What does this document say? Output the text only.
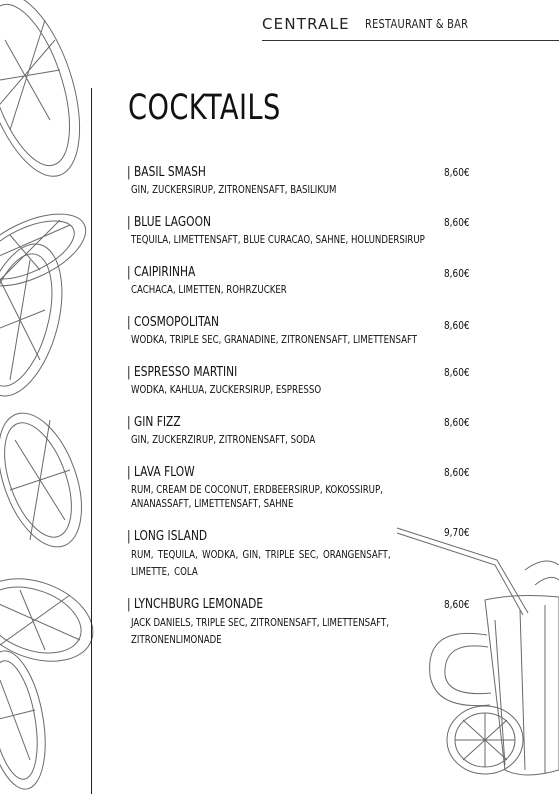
CENTRALE RESTAURANT & BAR
COCKTAILS
| BASIL SMASH
GIN, ZUCKERSIRUP, ZITRONENSAFT, BASILIKUM
8,60€
| BLUE LAGOON
TEQUILA, LIMETTENSAFT, BLUE CURACAO, SAHNE, HOLUNDERSIRUP
8,60€
| CAIPIRINHA
CACHACA, LIMETTEN, ROHRZUCKER
8,60€
| COSMOPOLITAN
WODKA, TRIPLE SEC, GRANADINE, ZITRONENSAFT, LIMETTENSAFT
8,60€
| ESPRESSO MARTINI
WODKA, KAHLUA, ZUCKERSIRUP, ESPRESSO
8,60€
| GIN FIZZ
GIN, ZUCKERZIRUP, ZITRONENSAFT, SODA
8,60€
| LAVA FLOW
RUM, CREAM DE COCONUT, ERDBEERSIRUP, KOKOSSIRUP, ANANASSAFT, LIMETTENSAFT, SAHNE
8,60€
| LONG ISLAND
RUM, TEQUILA, WODKA, GIN, TRIPLE SEC, ORANGENSAFT, LIMETTE, COLA
9,70€
| LYNCHBURG LEMONADE
JACK DANIELS, TRIPLE SEC, ZITRONENSAFT, LIMETTENSAFT, ZITRONENLIMONADE
8,60€
